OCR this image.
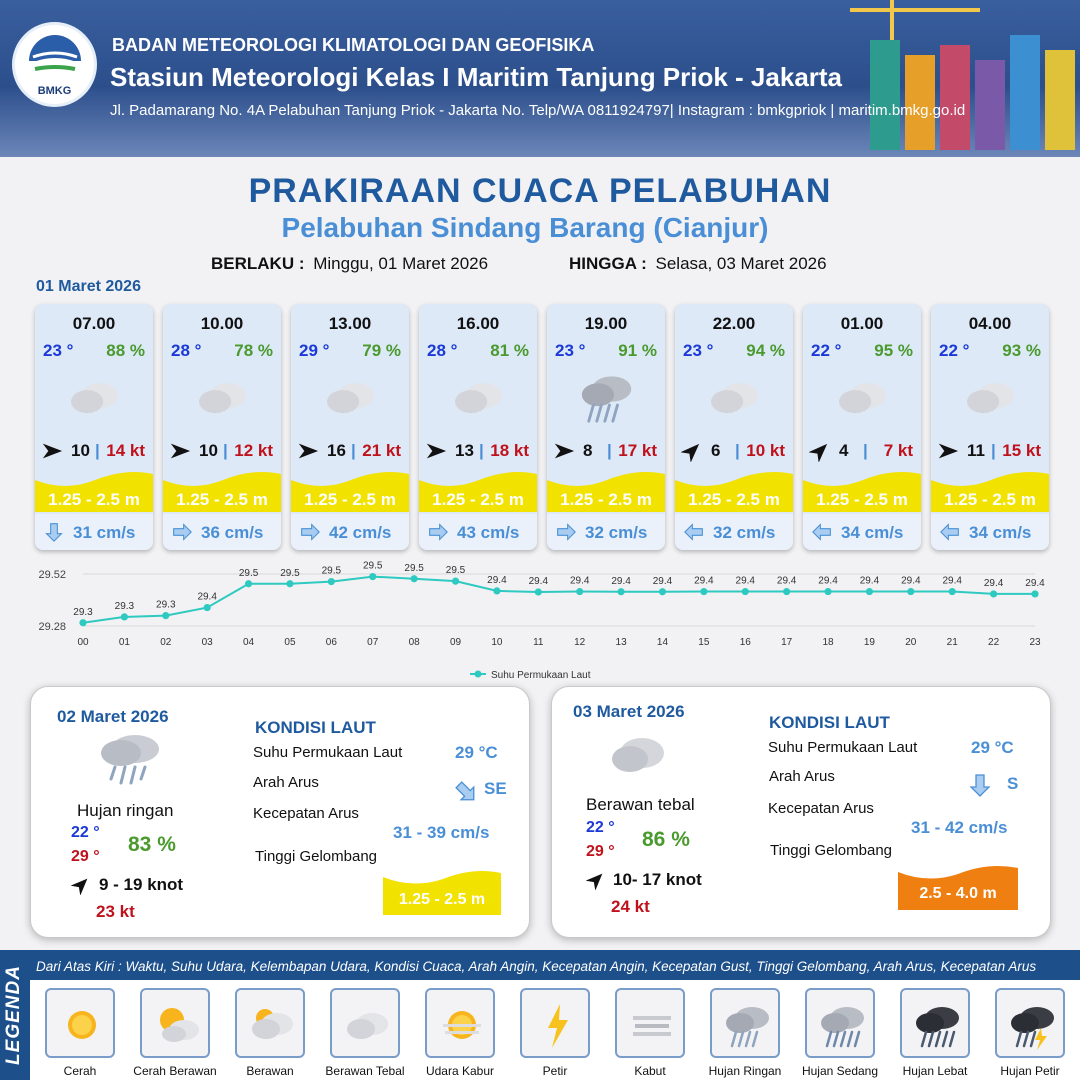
BMKG
BADAN METEOROLOGI KLIMATOLOGI DAN GEOFISIKA
Stasiun Meteorologi Kelas I Maritim Tanjung Priok - Jakarta
Jl. Padamarang No. 4A Pelabuhan Tanjung Priok - Jakarta No. Telp/WA 0811924797| Instagram : bmkgpriok | maritim.bmkg.go.id
PRAKIRAAN CUACA PELABUHAN
Pelabuhan Sindang Barang (Cianjur)
BERLAKU : Minggu, 01 Maret 2026	HINGGA : Selasa, 03 Maret 2026
01 Maret 2026
07.00
23 ° 88 %
10 | 14 kt
1.25 - 2.5 m
31 cm/s
10.00
28 ° 78 %
10 | 12 kt
1.25 - 2.5 m
36 cm/s
13.00
29 ° 79 %
16 | 21 kt
1.25 - 2.5 m
42 cm/s
16.00
28 ° 81 %
13 | 18 kt
1.25 - 2.5 m
43 cm/s
19.00
23 ° 91 %
8 | 17 kt
1.25 - 2.5 m
32 cm/s
22.00
23 ° 94 %
6 | 10 kt
1.25 - 2.5 m
32 cm/s
01.00
22 ° 95 %
4 | 7 kt
1.25 - 2.5 m
34 cm/s
04.00
22 ° 93 %
11 | 15 kt
1.25 - 2.5 m
34 cm/s
29.52
29.28
29.3
00
29.3
01
29.3
02
29.4
03
29.5
04
29.5
05
29.5
06
29.5
07
29.5
08
29.5
09
29.4
10
29.4
11
29.4
12
29.4
13
29.4
14
29.4
15
29.4
16
29.4
17
29.4
18
29.4
19
29.4
20
29.4
21
29.4
22
29.4
23
Suhu Permukaan Laut
02 Maret 2026
Hujan ringan
22 °
29 °
83 %
9 - 19 knot
23 kt
KONDISI LAUT
Suhu Permukaan Laut	29 °C
Arah Arus	SE
Kecepatan Arus
31 - 39 cm/s
Tinggi Gelombang
1.25 - 2.5 m
03 Maret 2026
Berawan tebal
22 °
29 °
86 %
10- 17 knot
24 kt
KONDISI LAUT
Suhu Permukaan Laut	29 °C
Arah Arus	S
Kecepatan Arus
31 - 42 cm/s
Tinggi Gelombang
2.5 - 4.0 m
LEGENDA Dari Atas Kiri : Waktu, Suhu Udara, Kelembapan Udara, Kondisi Cuaca, Arah Angin, Kecepatan Angin, Kecepatan Gust, Tinggi Gelombang, Arah Arus, Kecepatan Arus
Cerah	Cerah Berawan	Berawan	Berawan Tebal	Udara Kabur	Petir	Kabut	Hujan Ringan	Hujan Sedang	Hujan Lebat	Hujan Petir
